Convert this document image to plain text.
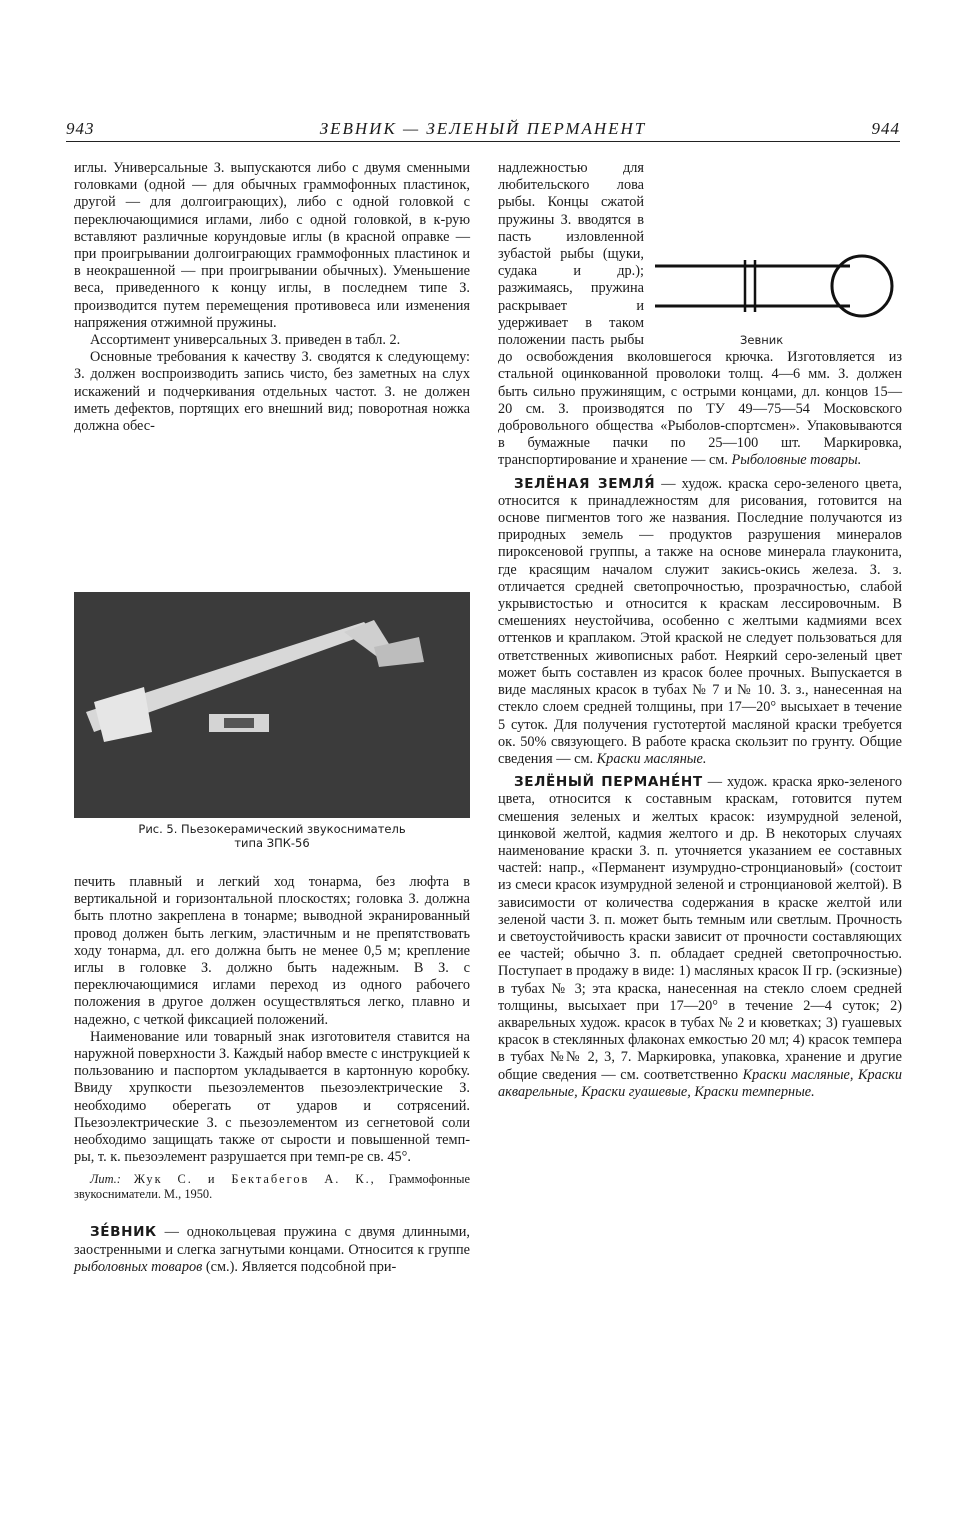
943	ЗЕВНИК — ЗЕЛЕНЫЙ ПЕРМАНЕНТ	944

иглы. Универсальные З. выпускаются либо с двумя сменными головками (одной — для обычных граммофонных пластинок, другой — для долгоиграющих), либо с одной головкой с переключающимися иглами, либо с одной головкой, в к-рую вставляют различные корундовые иглы (в красной оправке — при проигрывании долгоиграющих граммофонных пластинок и в неокрашенной — при проигрывании обычных). Уменьшение веса, приведенного к концу иглы, в последнем типе З. производится путем перемещения противовеса или изменения напряжения отжимной пружины.

Ассортимент универсальных З. приведен в табл. 2.

Основные требования к качеству З. сводятся к следующему: З. должен воспроизводить запись чисто, без заметных на слух искажений и подчеркивания отдельных частот. З. не должен иметь дефектов, портящих его внешний вид; поворотная ножка должна обес-

Рис. 5. Пьезокерамический звукосниматель
типа ЗПК-56

печить плавный и легкий ход тонарма, без люфта в вертикальной и горизонтальной плоскостях; головка З. должна быть плотно закреплена в тонарме; выводной экранированный провод должен быть легким, эластичным и не препятствовать ходу тонарма, дл. его должна быть не менее 0,5 м; крепление иглы в головке З. должно быть надежным. В З. с переключающимися иглами переход из одного рабочего положения в другое должен осуществляться легко, плавно и надежно, с четкой фиксацией положений.

Наименование или товарный знак изготовителя ставится на наружной поверхности З. Каждый набор вместе с инструкцией к пользованию и паспортом укладывается в картонную коробку. Ввиду хрупкости пьезоэлементов пьезоэлектрические З. необходимо оберегать от ударов и сотрясений. Пьезоэлектрические З. с пьезоэлементом из сегнетовой соли необходимо защищать также от сырости и повышенной темп-ры, т. к. пьезоэлемент разрушается при темп-ре св. 45°.

Лит.: Жук С. и Бектабегов А. К., Граммофонные звукосниматели. М., 1950.

ЗЕ́ВНИК — однокольцевая пружина с двумя длинными, заостренными и слегка загнутыми концами. Относится к группе рыболовных товаров (см.). Является подсобной при-

Зевник

надлежностью для любительского лова рыбы. Концы сжатой пружины З. вводятся в пасть изловленной зубастой рыбы (щуки, судака и др.); разжимаясь, пружина раскрывает и удерживает в таком положении пасть рыбы до освобождения вколовшегося крючка. Изготовляется из стальной оцинкованной проволоки толщ. 4—6 мм. З. должен быть сильно пружинящим, с острыми концами, дл. концов 15—20 см. З. производятся по ТУ 49—75—54 Московского добровольного общества «Рыболов-спортсмен». Упаковываются в бумажные пачки по 25—100 шт. Маркировка, транспортирование и хранение — см. Рыболовные товары.

ЗЕЛЁНАЯ ЗЕМЛЯ́ — худож. краска серо-зеленого цвета, относится к принадлежностям для рисования, готовится на основе пигментов того же названия. Последние получаются из природных земель — продуктов разрушения минералов пироксеновой группы, а также на основе минерала глауконита, где красящим началом служит закись-окись железа. З. з. отличается средней светопрочностью, прозрачностью, слабой укрывистостью и относится к краскам лессировочным. В смешениях неустойчива, особенно с желтыми кадмиями всех оттенков и краплаком. Этой краской не следует пользоваться для ответственных живописных работ. Неяркий серо-зеленый цвет может быть составлен из красок более прочных. Выпускается в виде масляных красок в тубах № 7 и № 10. З. з., нанесенная на стекло слоем средней толщины, при 17—20° высыхает в течение 5 суток. Для получения густотертой масляной краски требуется ок. 50% связующего. В работе краска скользит по грунту. Общие сведения — см. Краски масляные.

ЗЕЛЁНЫЙ ПЕРМАНЕ́НТ — худож. краска ярко-зеленого цвета, относится к составным краскам, готовится путем смешения зеленых и желтых красок: изумрудной зеленой, цинковой желтой, кадмия желтого и др. В некоторых случаях наименование краски З. п. уточняется указанием ее составных частей: напр., «Перманент изумрудно-стронциановый» (состоит из смеси красок изумрудной зеленой и стронциановой желтой). В зависимости от количества содержания в краске желтой или зеленой части З. п. может быть темным или светлым. Прочность и светоустойчивость краски зависит от прочности составляющих ее частей; обычно З. п. обладает средней светопрочностью. Поступает в продажу в виде: 1) масляных красок II гр. (эскизные) в тубах № 3; эта краска, нанесенная на стекло слоем средней толщины, высыхает при 17—20° в течение 2—4 суток; 2) акварельных худож. красок в тубах № 2 и кюветках; 3) гуашевых красок в стеклянных флаконах емкостью 20 мл; 4) красок темпера в тубах №№ 2, 3, 7. Маркировка, упаковка, хранение и другие общие сведения — см. соответственно Краски масляные, Краски акварельные, Краски гуашевые, Краски темперные.
